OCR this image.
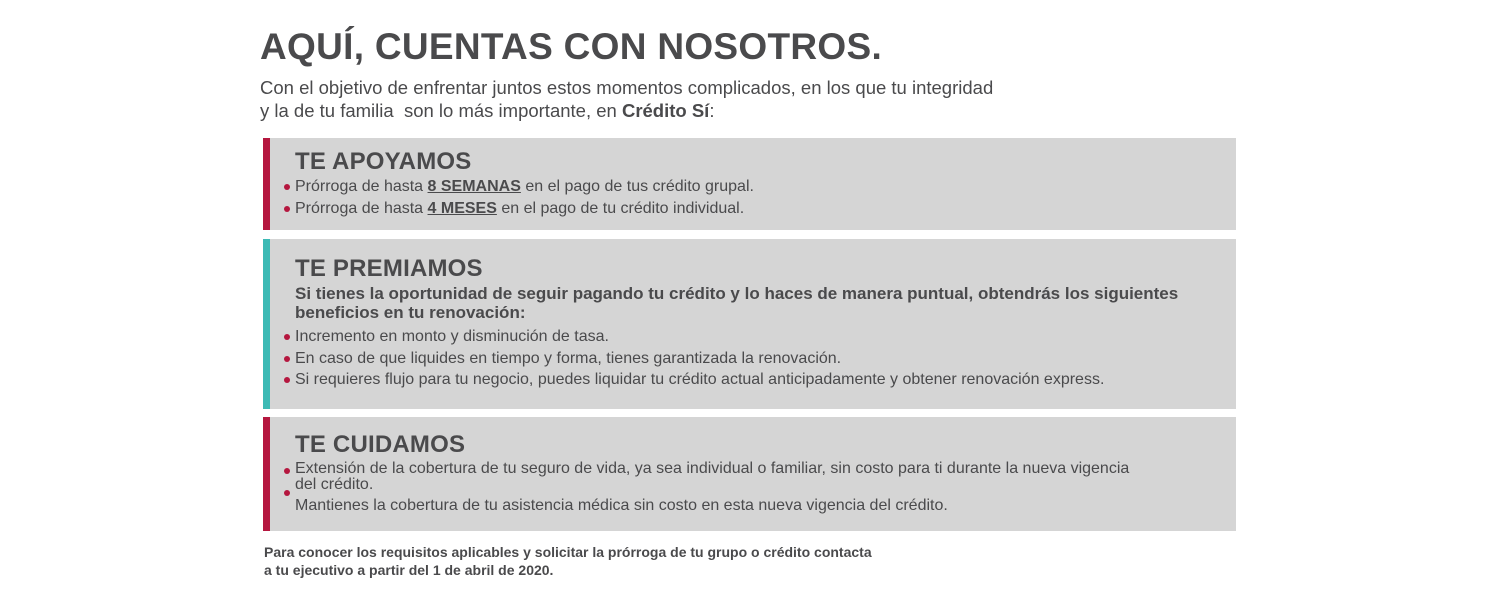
AQUÍ, CUENTAS CON NOSOTROS.
Con el objetivo de enfrentar juntos estos momentos complicados, en los que tu integridad
y la de tu familia  son lo más importante, en Crédito Sí:
TE APOYAMOS
Prórroga de hasta 8 SEMANAS en el pago de tus crédito grupal.
Prórroga de hasta 4 MESES en el pago de tu crédito individual.
TE PREMIAMOS
Si tienes la oportunidad de seguir pagando tu crédito y lo haces de manera puntual, obtendrás los siguientes beneficios en tu renovación:
Incremento en monto y disminución de tasa.
En caso de que liquides en tiempo y forma, tienes garantizada la renovación.
Si requieres flujo para tu negocio, puedes liquidar tu crédito actual anticipadamente y obtener renovación express.
TE CUIDAMOS
Extensión de la cobertura de tu seguro de vida, ya sea individual o familiar, sin costo para ti durante la nueva vigencia
del crédito.
Mantienes la cobertura de tu asistencia médica sin costo en esta nueva vigencia del crédito.
Para conocer los requisitos aplicables y solicitar la prórroga de tu grupo o crédito contacta
a tu ejecutivo a partir del 1 de abril de 2020.
